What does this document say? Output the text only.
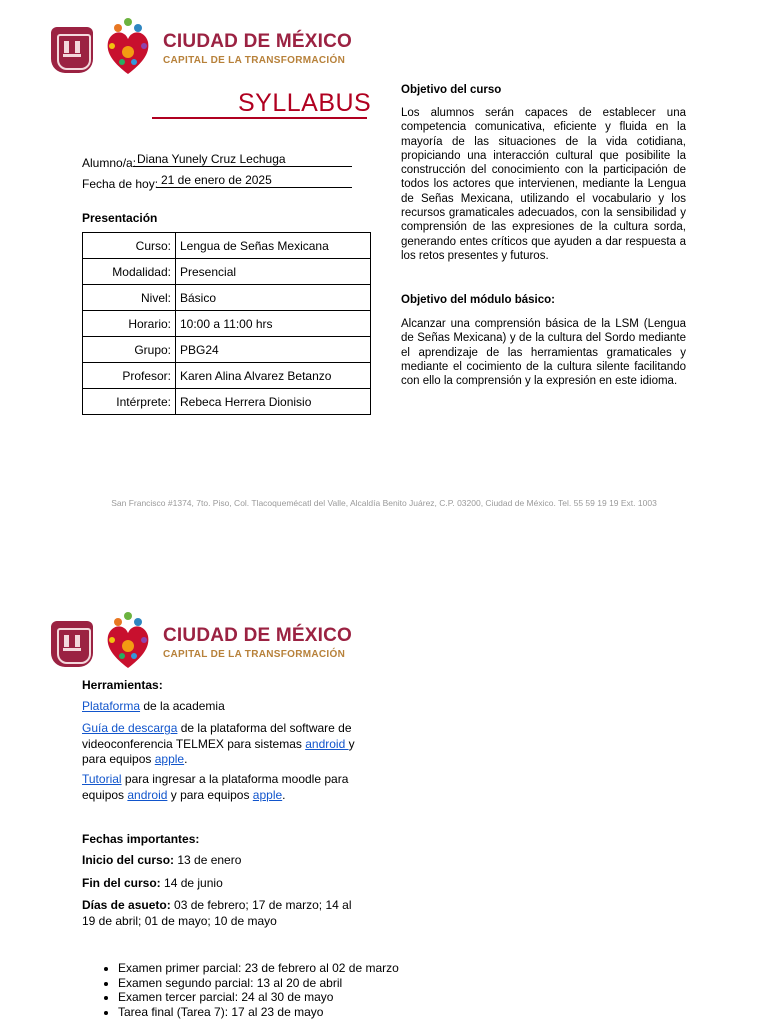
CIUDAD DE MÉXICO
CAPITAL DE LA TRANSFORMACIÓN
SYLLABUS
Alumno/a: Diana Yunely Cruz Lechuga
Fecha de hoy: 21 de enero de 2025
Presentación
Curso:	Lengua de Señas Mexicana
Modalidad:	Presencial
Nivel:	Básico
Horario:	10:00 a 11:00 hrs
Grupo:	PBG24
Profesor:	Karen Alina Alvarez Betanzo
Intérprete:	Rebeca Herrera Dionisio
Objetivo del curso
Los alumnos serán capaces de establecer una competencia comunicativa, eficiente y fluida en la mayoría de las situaciones de la vida cotidiana, propiciando una interacción cultural que posibilite la construcción del conocimiento con la participación de todos los actores que intervienen, mediante la Lengua de Señas Mexicana, utilizando el vocabulario y los recursos gramaticales adecuados, con la sensibilidad y comprensión de las expresiones de la cultura sorda, generando entes críticos que ayuden a dar respuesta a los retos presentes y futuros.
Objetivo del módulo básico:
Alcanzar una comprensión básica de la LSM (Lengua de Señas Mexicana) y de la cultura del Sordo mediante el aprendizaje de las herramientas gramaticales y mediante el cocimiento de la cultura silente facilitando con ello la comprensión y la expresión en este idioma.
San Francisco #1374, 7to. Piso, Col. Tlacoquemécatl del Valle, Alcaldía Benito Juárez, C.P. 03200, Ciudad de México. Tel. 55 59 19 19 Ext. 1003
CIUDAD DE MÉXICO
CAPITAL DE LA TRANSFORMACIÓN
Herramientas:
Plataforma de la academia
Guía de descarga de la plataforma del software de videoconferencia TELMEX para sistemas android y para equipos apple.
Tutorial para ingresar a la plataforma moodle para equipos android y para equipos apple.
Fechas importantes:
Inicio del curso: 13 de enero
Fin del curso: 14 de junio
Días de asueto: 03 de febrero; 17 de marzo; 14 al 19 de abril; 01 de mayo; 10 de mayo
• Examen primer parcial: 23 de febrero al 02 de marzo
• Examen segundo parcial: 13 al 20 de abril
• Examen tercer parcial: 24 al 30 de mayo
• Tarea final (Tarea 7): 17 al 23 de mayo
